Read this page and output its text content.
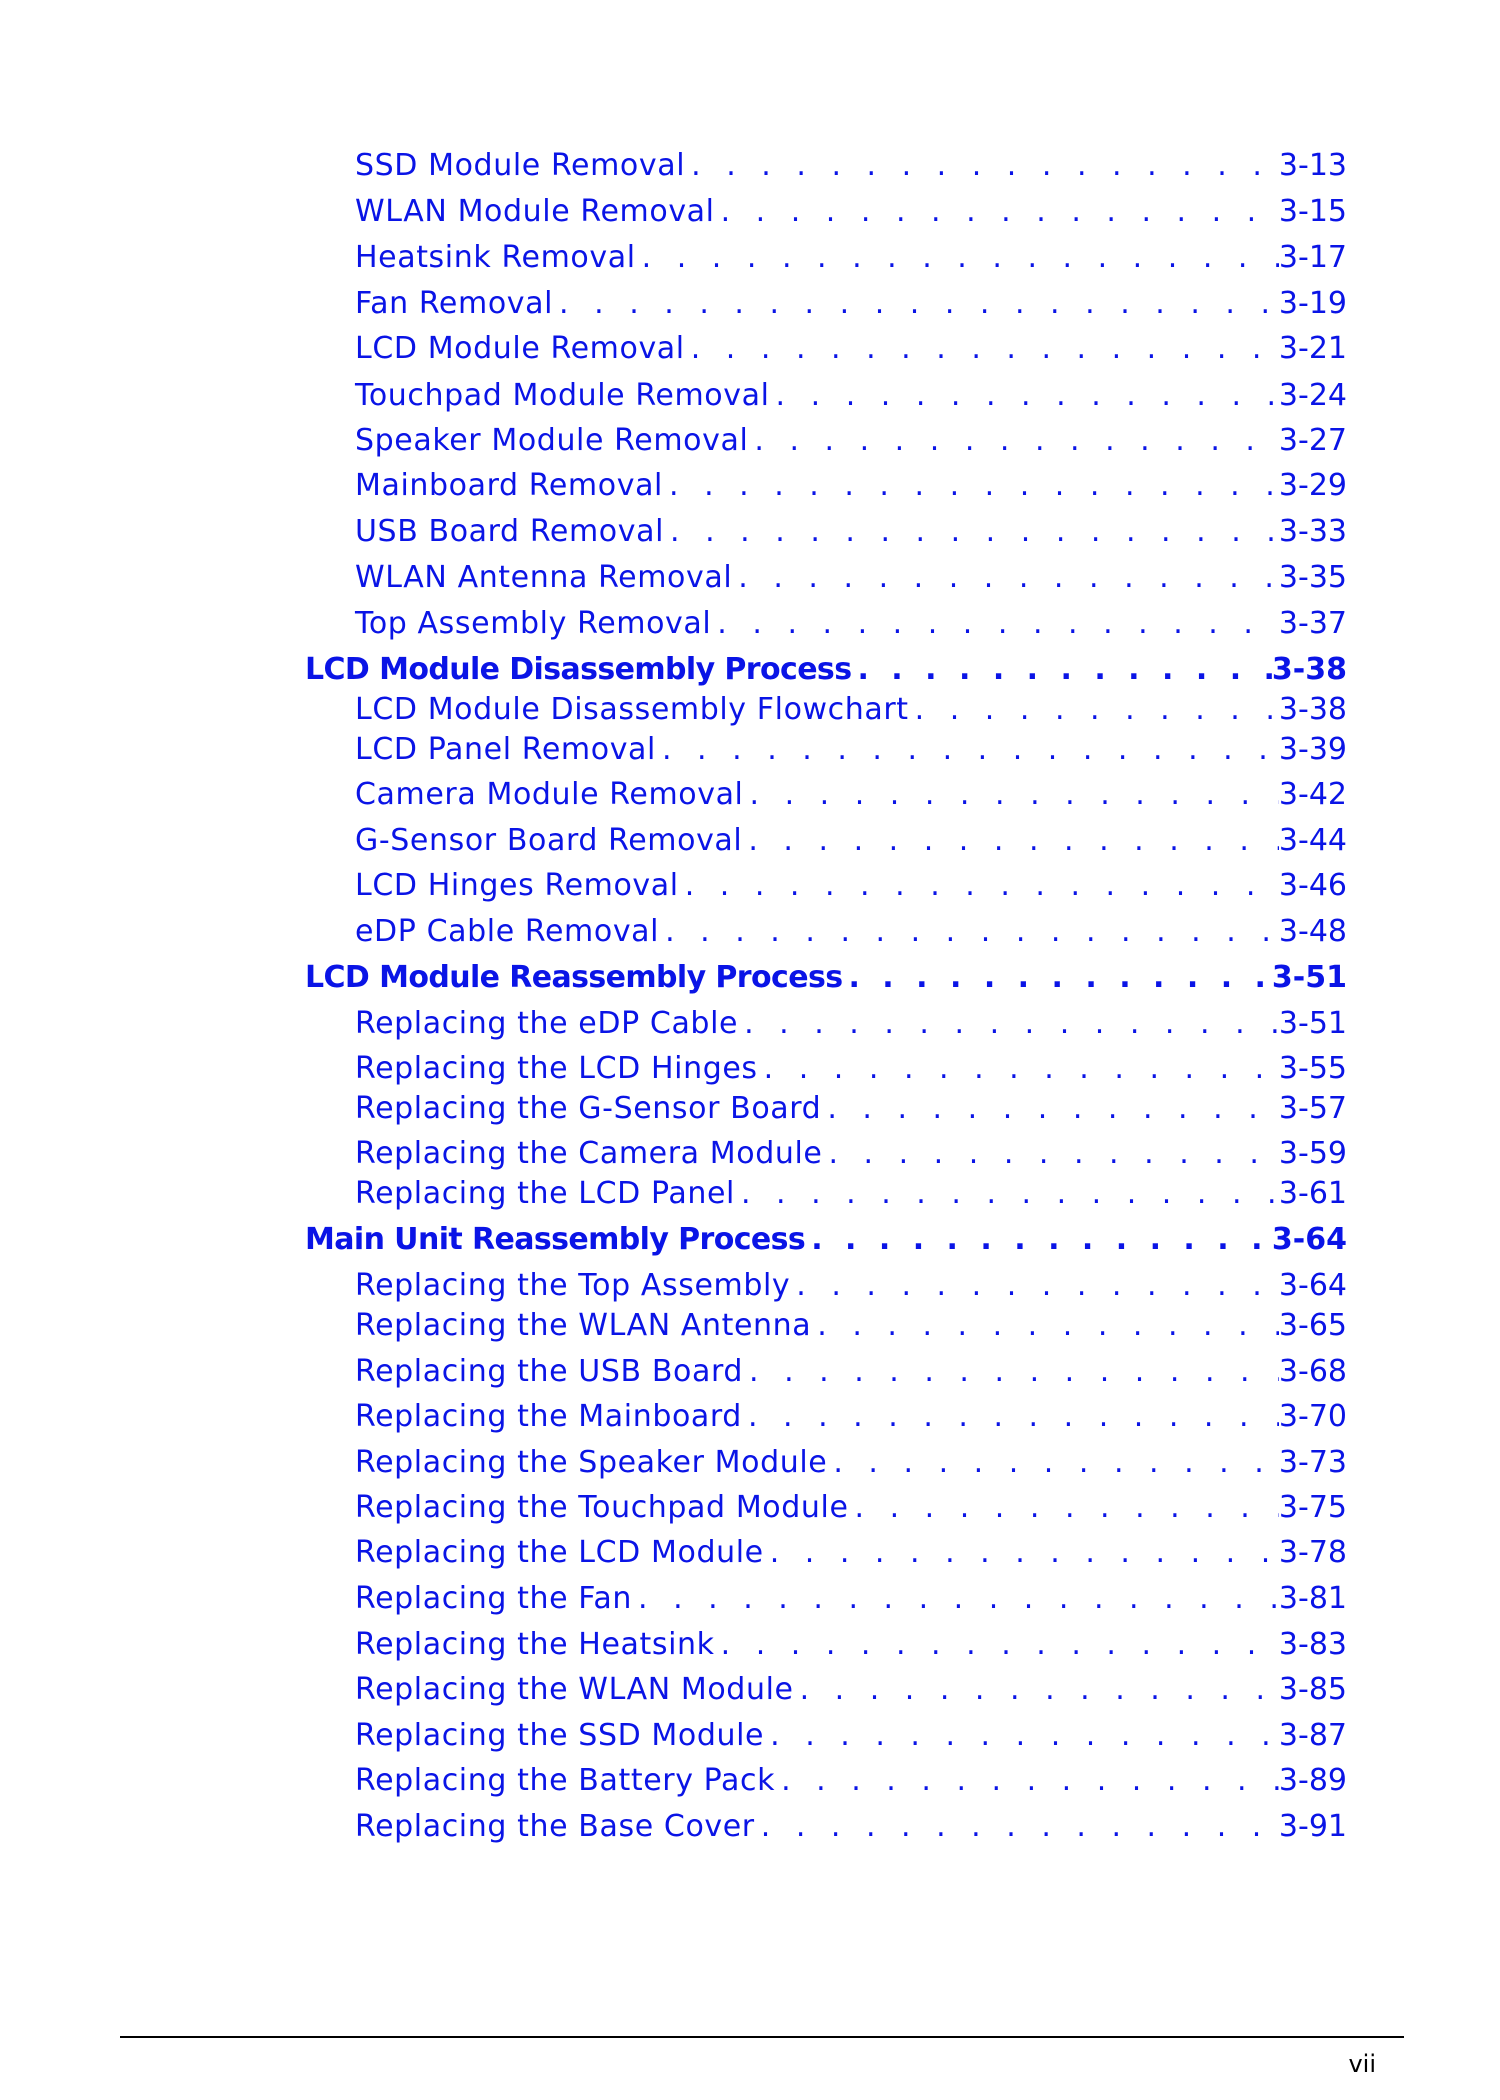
SSD Module Removal . . .	3-13
WLAN Module Removal . . .	3-15
Heatsink Removal . . .	3-17
Fan Removal . . .	3-19
LCD Module Removal . . .	3-21
Touchpad Module Removal . . .	3-24
Speaker Module Removal . . .	3-27
Mainboard Removal . . .	3-29
USB Board Removal . . .	3-33
WLAN Antenna Removal . . .	3-35
Top Assembly Removal . . .	3-37
LCD Module Disassembly Process . . .	3-38
LCD Module Disassembly Flowchart . . .	3-38
LCD Panel Removal . . .	3-39
Camera Module Removal . . .	3-42
G-Sensor Board Removal . . .	3-44
LCD Hinges Removal . . .	3-46
eDP Cable Removal . . .	3-48
LCD Module Reassembly Process . . .	3-51
Replacing the eDP Cable . . .	3-51
Replacing the LCD Hinges . . .	3-55
Replacing the G-Sensor Board . . .	3-57
Replacing the Camera Module . . .	3-59
Replacing the LCD Panel . . .	3-61
Main Unit Reassembly Process . . .	3-64
Replacing the Top Assembly . . .	3-64
Replacing the WLAN Antenna . . .	3-65
Replacing the USB Board . . .	3-68
Replacing the Mainboard . . .	3-70
Replacing the Speaker Module . . .	3-73
Replacing the Touchpad Module . . .	3-75
Replacing the LCD Module . . .	3-78
Replacing the Fan . . .	3-81
Replacing the Heatsink . . .	3-83
Replacing the WLAN Module . . .	3-85
Replacing the SSD Module . . .	3-87
Replacing the Battery Pack . . .	3-89
Replacing the Base Cover . . .	3-91
vii
